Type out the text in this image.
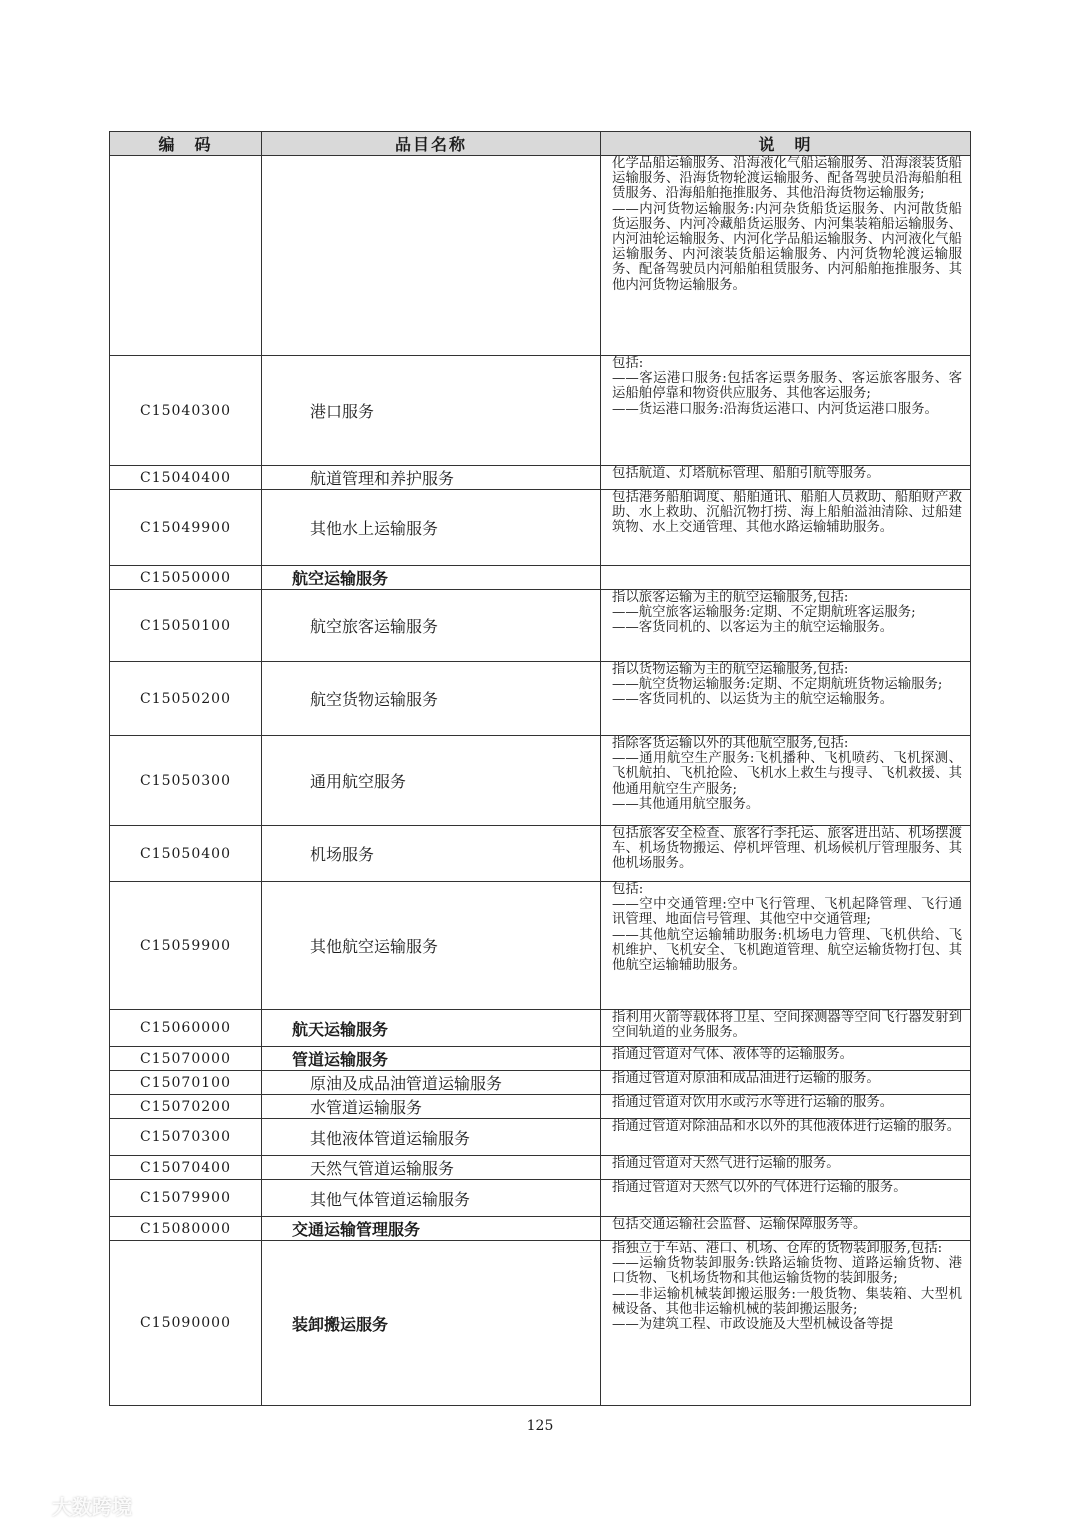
编　码	品目名称	说　明
		化学品船运输服务、沿海液化气船运输服务、沿海滚装货船运输服务、沿海货物轮渡运输服务、配备驾驶员沿海船舶租赁服务、沿海船舶拖推服务、其他沿海货物运输服务;
——内河货物运输服务:内河杂货船货运服务、内河散货船货运服务、内河冷藏船货运服务、内河集装箱船运输服务、内河油轮运输服务、内河化学品船运输服务、内河液化气船运输服务、内河滚装货船运输服务、内河货物轮渡运输服务、配备驾驶员内河船舶租赁服务、内河船舶拖推服务、其他内河货物运输服务。
C15040300	港口服务	包括:
——客运港口服务:包括客运票务服务、客运旅客服务、客运船舶停靠和物资供应服务、其他客运服务;
——货运港口服务:沿海货运港口、内河货运港口服务。
C15040400	航道管理和养护服务	包括航道、灯塔航标管理、船舶引航等服务。
C15049900	其他水上运输服务	包括港务船舶调度、船舶通讯、船舶人员救助、船舶财产救助、水上救助、沉船沉物打捞、海上船舶溢油清除、过船建筑物、水上交通管理、其他水路运输辅助服务。
C15050000	航空运输服务	
C15050100	航空旅客运输服务	指以旅客运输为主的航空运输服务,包括:
——航空旅客运输服务:定期、不定期航班客运服务;
——客货同机的、以客运为主的航空运输服务。
C15050200	航空货物运输服务	指以货物运输为主的航空运输服务,包括:
——航空货物运输服务:定期、不定期航班货物运输服务;
——客货同机的、以运货为主的航空运输服务。
C15050300	通用航空服务	指除客货运输以外的其他航空服务,包括:
——通用航空生产服务:飞机播种、飞机喷药、飞机探测、飞机航拍、飞机抢险、飞机水上救生与搜寻、飞机救援、其他通用航空生产服务;
——其他通用航空服务。
C15050400	机场服务	包括旅客安全检查、旅客行李托运、旅客进出站、机场摆渡车、机场货物搬运、停机坪管理、机场候机厅管理服务、其他机场服务。
C15059900	其他航空运输服务	包括:
——空中交通管理:空中飞行管理、飞机起降管理、飞行通讯管理、地面信号管理、其他空中交通管理;
——其他航空运输辅助服务:机场电力管理、飞机供给、飞机维护、飞机安全、飞机跑道管理、航空运输货物打包、其他航空运输辅助服务。
C15060000	航天运输服务	指利用火箭等载体将卫星、空间探测器等空间飞行器发射到空间轨道的业务服务。
C15070000	管道运输服务	指通过管道对气体、液体等的运输服务。
C15070100	原油及成品油管道运输服务	指通过管道对原油和成品油进行运输的服务。
C15070200	水管道运输服务	指通过管道对饮用水或污水等进行运输的服务。
C15070300	其他液体管道运输服务	指通过管道对除油品和水以外的其他液体进行运输的服务。
C15070400	天然气管道运输服务	指通过管道对天然气进行运输的服务。
C15079900	其他气体管道运输服务	指通过管道对天然气以外的气体进行运输的服务。
C15080000	交通运输管理服务	包括交通运输社会监督、运输保障服务等。
C15090000	装卸搬运服务	指独立于车站、港口、机场、仓库的货物装卸服务,包括:
——运输货物装卸服务:铁路运输货物、道路运输货物、港口货物、飞机场货物和其他运输货物的装卸服务;
——非运输机械装卸搬运服务:一般货物、集装箱、大型机械设备、其他非运输机械的装卸搬运服务;
——为建筑工程、市政设施及大型机械设备等提
125
大数跨境
